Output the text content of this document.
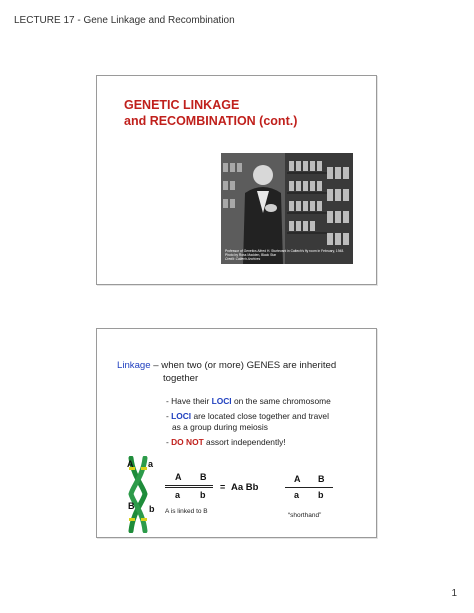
LECTURE 17 - Gene Linkage and Recombination
GENETIC LINKAGE
and RECOMBINATION (cont.)
Professor of Genetics Alfred H. Sturtevant in Caltech's fly room in February, 1948. Photo by Ross Madden, Black Star
Credit: Caltech Archives
Linkage – when two (or more) GENES are inherited
together
- Have their LOCI on the same chromosome
- LOCI are located close together and travel
as a group during meiosis
- DO NOT assort independently!
A a
B b
A B
a b
= Aa Bb
A is linked to B
A B
a b
“shorthand”
1
